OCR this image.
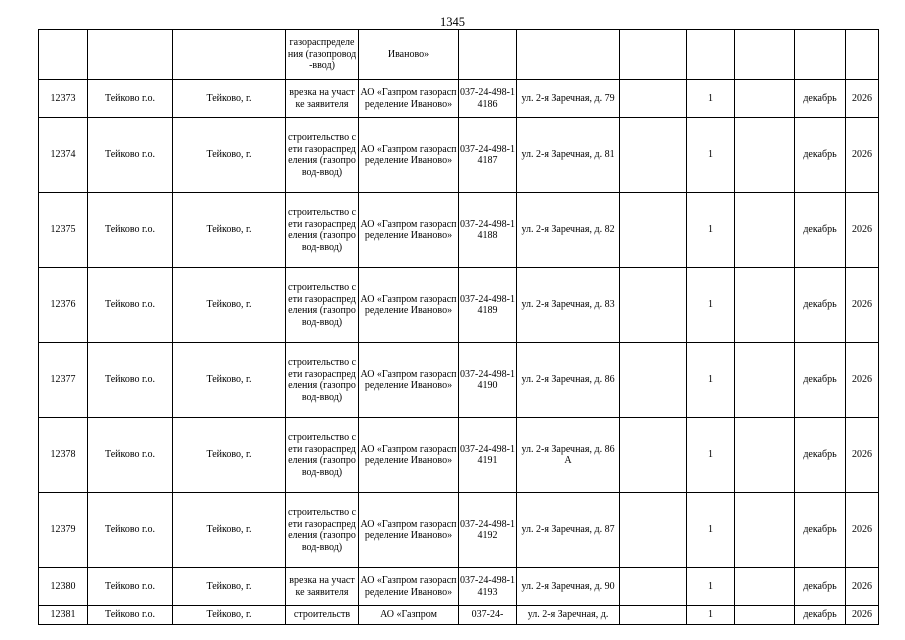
1345
			газораспределения (газопровод-ввод)	Иваново»							
12373	Тейково г.о.	Тейково, г.	врезка на участке заявителя	АО «Газпром газораспределение Иваново»	037-24-498-14186	ул. 2-я Заречная, д. 79		1		декабрь	2026
12374	Тейково г.о.	Тейково, г.	строительство сети газораспределения (газопровод-ввод)	АО «Газпром газораспределение Иваново»	037-24-498-14187	ул. 2-я Заречная, д. 81		1		декабрь	2026
12375	Тейково г.о.	Тейково, г.	строительство сети газораспределения (газопровод-ввод)	АО «Газпром газораспределение Иваново»	037-24-498-14188	ул. 2-я Заречная, д. 82		1		декабрь	2026
12376	Тейково г.о.	Тейково, г.	строительство сети газораспределения (газопровод-ввод)	АО «Газпром газораспределение Иваново»	037-24-498-14189	ул. 2-я Заречная, д. 83		1		декабрь	2026
12377	Тейково г.о.	Тейково, г.	строительство сети газораспределения (газопровод-ввод)	АО «Газпром газораспределение Иваново»	037-24-498-14190	ул. 2-я Заречная, д. 86		1		декабрь	2026
12378	Тейково г.о.	Тейково, г.	строительство сети газораспределения (газопровод-ввод)	АО «Газпром газораспределение Иваново»	037-24-498-14191	ул. 2-я Заречная, д. 86 А		1		декабрь	2026
12379	Тейково г.о.	Тейково, г.	строительство сети газораспределения (газопровод-ввод)	АО «Газпром газораспределение Иваново»	037-24-498-14192	ул. 2-я Заречная, д. 87		1		декабрь	2026
12380	Тейково г.о.	Тейково, г.	врезка на участке заявителя	АО «Газпром газораспределение Иваново»	037-24-498-14193	ул. 2-я Заречная, д. 90		1		декабрь	2026
12381	Тейково г.о.	Тейково, г.	строительств	АО «Газпром	037-24-	ул. 2-я Заречная, д.		1		декабрь	2026
